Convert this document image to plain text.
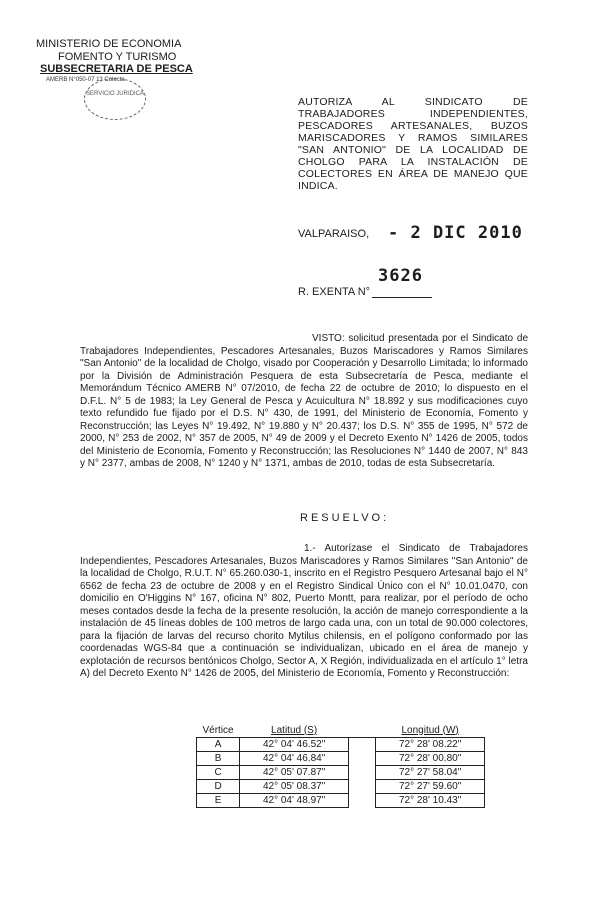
MINISTERIO DE ECONOMIA
FOMENTO Y TURISMO
SUBSECRETARIA DE PESCA
AMERB N°050-07 13 Colecta
SERVICIO JURIDICA
AUTORIZA AL SINDICATO DE TRABAJADORES INDEPENDIENTES, PESCADORES ARTESANALES, BUZOS MARISCADORES Y RAMOS SIMILARES "SAN ANTONIO" DE LA LOCALIDAD DE CHOLGO PARA LA INSTALACIÓN DE COLECTORES EN ÁREA DE MANEJO QUE INDICA.
VALPARAISO, - 2 DIC 2010
3626
R. EXENTA N°
VISTO: solicitud presentada por el Sindicato de Trabajadores Independientes, Pescadores Artesanales, Buzos Mariscadores y Ramos Similares "San Antonio" de la localidad de Cholgo, visado por Cooperación y Desarrollo Limitada; lo informado por la División de Administración Pesquera de esta Subsecretaría de Pesca, mediante el Memorándum Técnico AMERB N° 07/2010, de fecha 22 de octubre de 2010; lo dispuesto en el D.F.L. N° 5 de 1983; la Ley General de Pesca y Acuicultura N° 18.892 y sus modificaciones cuyo texto refundido fue fijado por el D.S. N° 430, de 1991, del Ministerio de Economía, Fomento y Reconstrucción; las Leyes N° 19.492, N° 19.880 y N° 20.437; los D.S. N° 355 de 1995, N° 572 de 2000, N° 253 de 2002, N° 357 de 2005, N° 49 de 2009 y el Decreto Exento N° 1426 de 2005, todos del Ministerio de Economía, Fomento y Reconstrucción; las Resoluciones N° 1440 de 2007, N° 843 y N° 2377, ambas de 2008, N° 1240 y N° 1371, ambas de 2010, todas de esta Subsecretaría.
RESUELVO:
1.- Autorízase el Sindicato de Trabajadores Independientes, Pescadores Artesanales, Buzos Mariscadores y Ramos Similares "San Antonio" de la localidad de Cholgo, R.U.T. N° 65.260.030-1, inscrito en el Registro Pesquero Artesanal bajo el N° 6562 de fecha 23 de octubre de 2008 y en el Registro Sindical Único con el N° 10.01.0470, con domicilio en O'Higgins N° 167, oficina N° 802, Puerto Montt, para realizar, por el período de ocho meses contados desde la fecha de la presente resolución, la acción de manejo correspondiente a la instalación de 45 líneas dobles de 100 metros de largo cada una, con un total de 90.000 colectores, para la fijación de larvas del recurso chorito Mytilus chilensis, en el polígono conformado por las coordenadas WGS-84 que a continuación se individualizan, ubicado en el área de manejo y explotación de recursos bentónicos Cholgo, Sector A, X Región, individualizada en el artículo 1° letra A) del Decreto Exento N° 1426 de 2005, del Ministerio de Economía, Fomento y Reconstrucción:
Vértice	Latitud (S)		Longitud (W)
A	42° 04' 46.52"		72° 28' 08.22"
B	42° 04' 46.84"		72° 28' 00.80"
C	42° 05' 07.87"		72° 27' 58.04"
D	42° 05' 08.37"		72° 27' 59.60"
E	42° 04' 48.97"		72° 28' 10.43"
